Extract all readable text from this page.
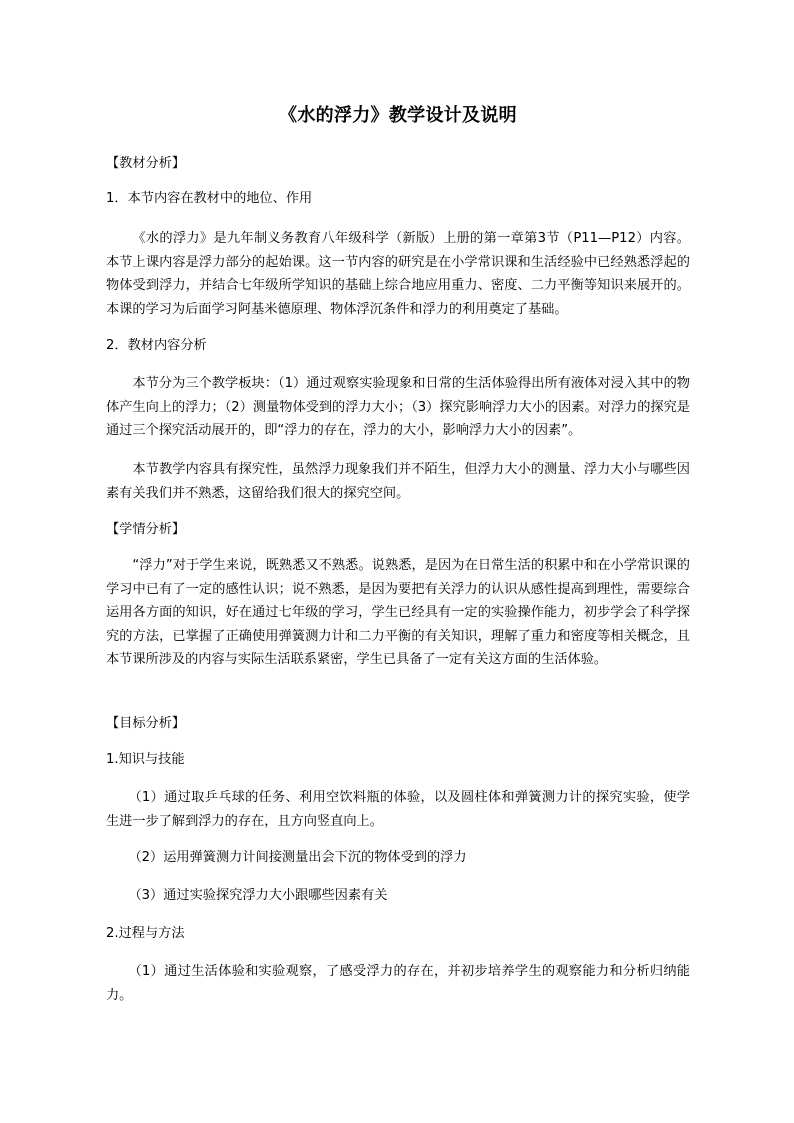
《水的浮力》教学设计及说明

【教材分析】

1．本节内容在教材中的地位、作用

《水的浮力》是九年制义务教育八年级科学（新版）上册的第一章第3节（P11—P12）内容。本节上课内容是浮力部分的起始课。这一节内容的研究是在小学常识课和生活经验中已经熟悉浮起的物体受到浮力，并结合七年级所学知识的基础上综合地应用重力、密度、二力平衡等知识来展开的。本课的学习为后面学习阿基米德原理、物体浮沉条件和浮力的利用奠定了基础。

2．教材内容分析

本节分为三个教学板块：（1）通过观察实验现象和日常的生活体验得出所有液体对浸入其中的物体产生向上的浮力；（2）测量物体受到的浮力大小；（3）探究影响浮力大小的因素。对浮力的探究是通过三个探究活动展开的，即“浮力的存在，浮力的大小，影响浮力大小的因素”。

本节教学内容具有探究性，虽然浮力现象我们并不陌生，但浮力大小的测量、浮力大小与哪些因素有关我们并不熟悉，这留给我们很大的探究空间。

【学情分析】

“浮力”对于学生来说，既熟悉又不熟悉。说熟悉，是因为在日常生活的积累中和在小学常识课的学习中已有了一定的感性认识；说不熟悉，是因为要把有关浮力的认识从感性提高到理性，需要综合运用各方面的知识，好在通过七年级的学习，学生已经具有一定的实验操作能力，初步学会了科学探究的方法，已掌握了正确使用弹簧测力计和二力平衡的有关知识，理解了重力和密度等相关概念，且本节课所涉及的内容与实际生活联系紧密，学生已具备了一定有关这方面的生活体验。

【目标分析】

1.知识与技能

（1）通过取乒乓球的任务、利用空饮料瓶的体验，以及圆柱体和弹簧测力计的探究实验，使学生进一步了解到浮力的存在，且方向竖直向上。

（2）运用弹簧测力计间接测量出会下沉的物体受到的浮力

（3）通过实验探究浮力大小跟哪些因素有关

2.过程与方法

（1）通过生活体验和实验观察，了感受浮力的存在，并初步培养学生的观察能力和分析归纳能力。
